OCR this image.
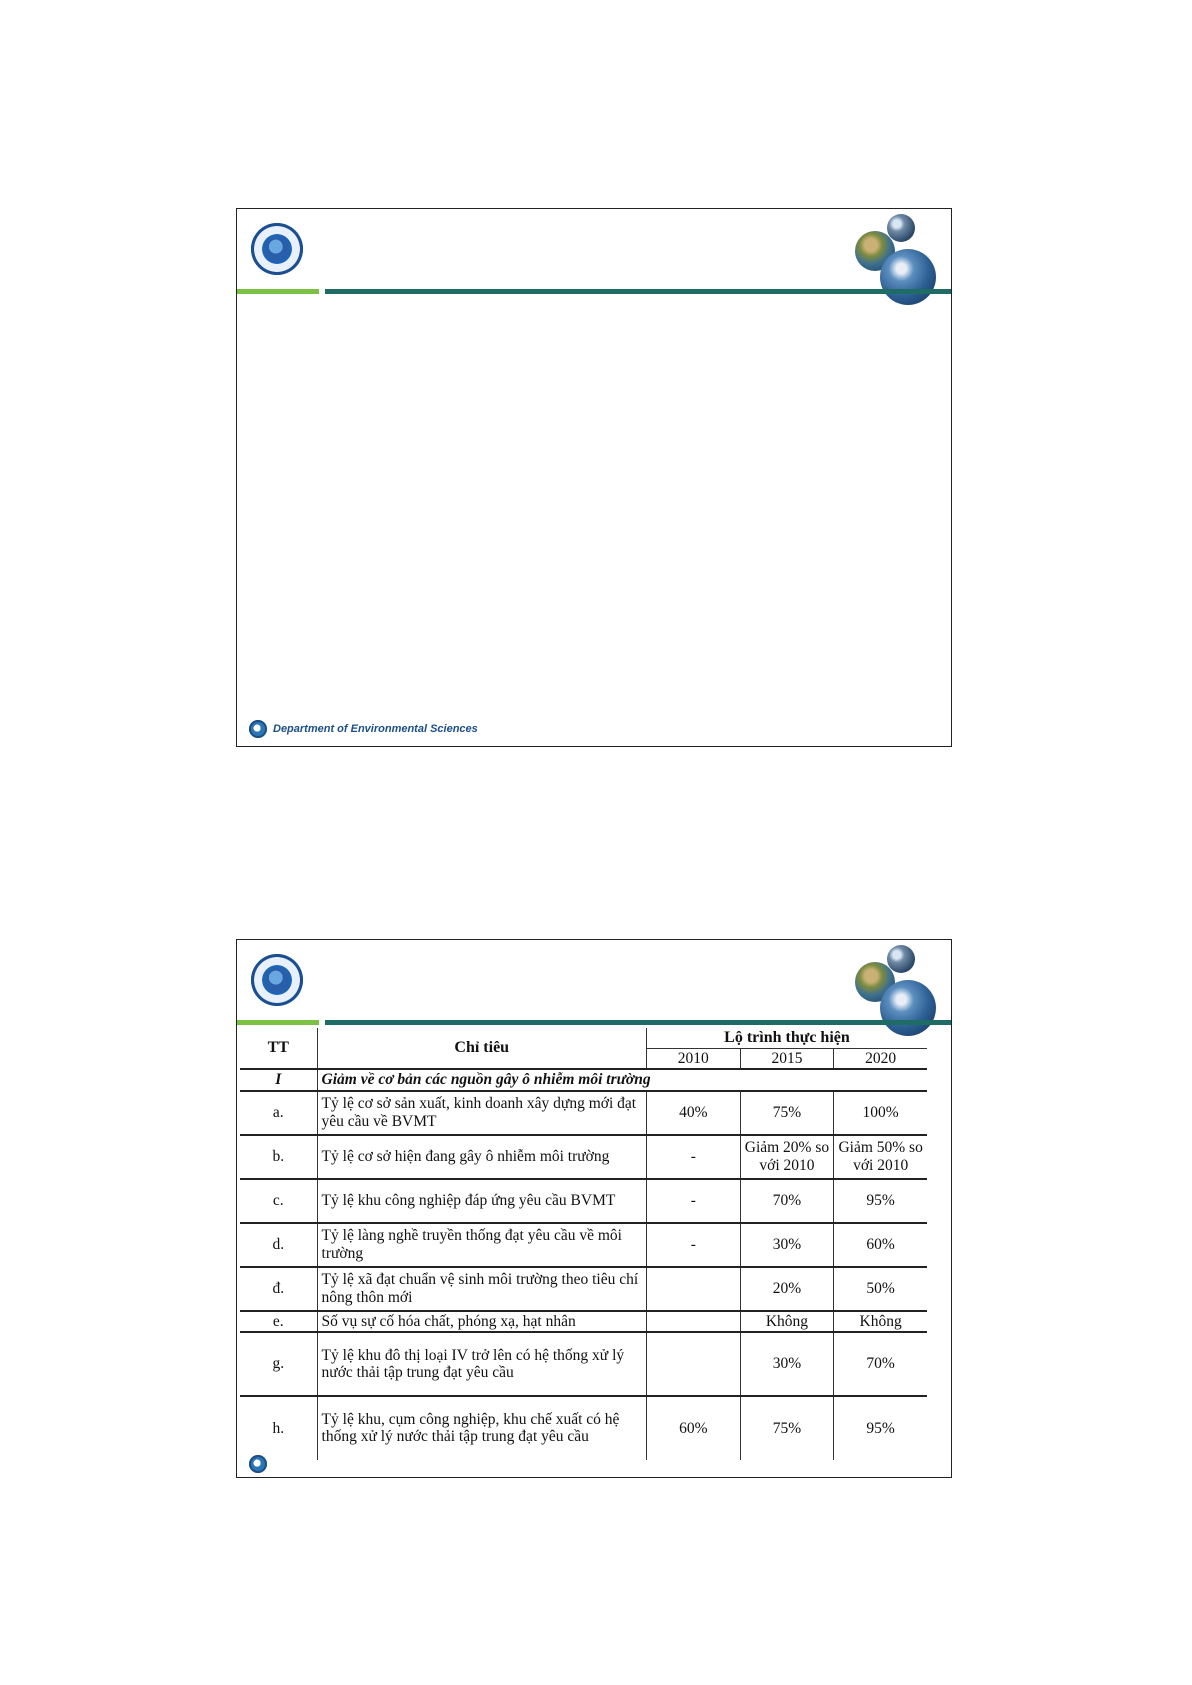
Department of Environmental Sciences
TT	Chỉ tiêu	Lộ trình thực hiện		
		2010	2015	2020
I	Giảm về cơ bản các nguồn gây ô nhiễm môi trường			
a.	Tỷ lệ cơ sở sản xuất, kinh doanh xây dựng mới đạt yêu cầu về BVMT	40%	75%	100%
b.	Tỷ lệ cơ sở hiện đang gây ô nhiễm môi trường	-	Giảm 20% so với 2010	Giảm 50% so với 2010
c.	Tỷ lệ khu công nghiệp đáp ứng yêu cầu BVMT	-	70%	95%
d.	Tỷ lệ làng nghề truyền thống đạt yêu cầu về môi trường	-	30%	60%
đ.	Tỷ lệ xã đạt chuẩn vệ sinh môi trường theo tiêu chí nông thôn mới		20%	50%
e.	Số vụ sự cố hóa chất, phóng xạ, hạt nhân		Không	Không
g.	Tỷ lệ khu đô thị loại IV trở lên có hệ thống xử lý nước thải tập trung đạt yêu cầu		30%	70%
h.	Tỷ lệ khu, cụm công nghiệp, khu chế xuất có hệ thống xử lý nước thải tập trung đạt yêu cầu	60%	75%	95%
